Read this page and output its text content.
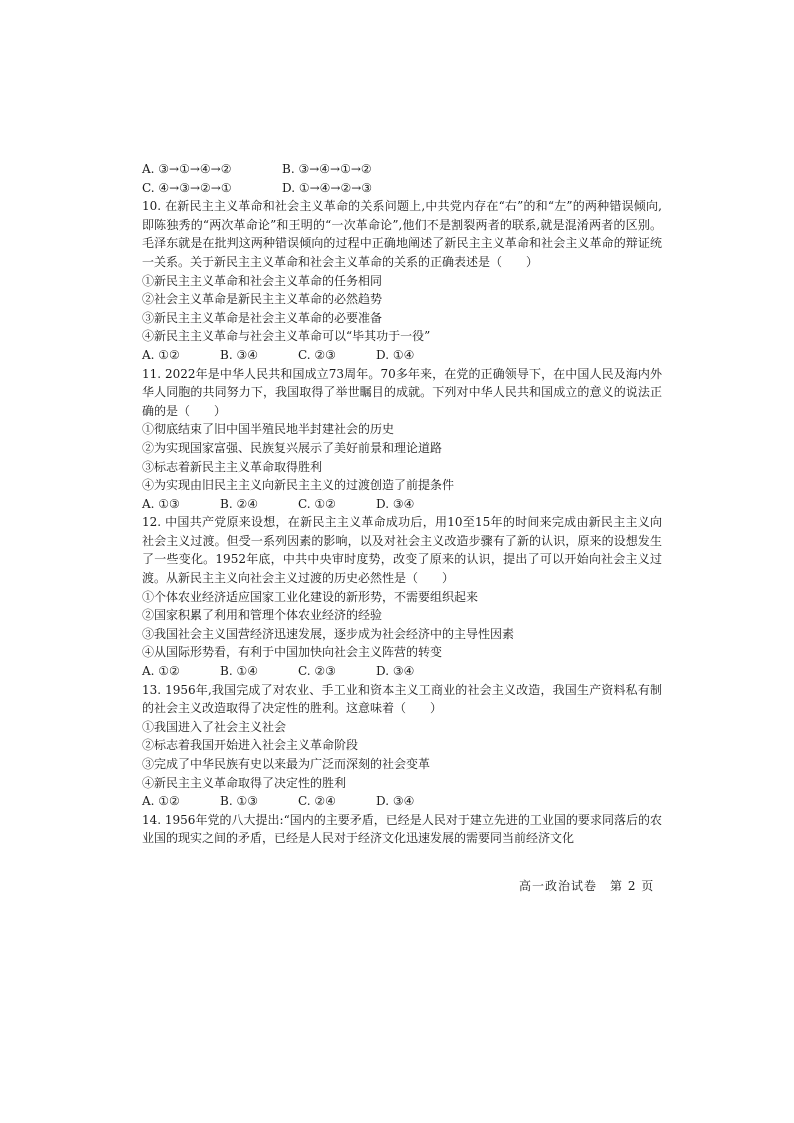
A. ③→①→④→②	B. ③→④→①→②
C. ④→③→②→①	D. ①→④→②→③
10. 在新民主主义革命和社会主义革命的关系问题上,中共党内存在“右”的和“左”的两种错误倾向,即陈独秀的“两次革命论”和王明的“一次革命论”,他们不是割裂两者的联系,就是混淆两者的区别。毛泽东就是在批判这两种错误倾向的过程中正确地阐述了新民主主义革命和社会主义革命的辩证统一关系。关于新民主主义革命和社会主义革命的关系的正确表述是（　　）
①新民主主义革命和社会主义革命的任务相同
②社会主义革命是新民主主义革命的必然趋势
③新民主主义革命是社会主义革命的必要准备
④新民主主义革命与社会主义革命可以“毕其功于一役”
A. ①②	B. ③④	C. ②③	D. ①④
11. 2022年是中华人民共和国成立73周年。70多年来，在党的正确领导下，在中国人民及海内外华人同胞的共同努力下，我国取得了举世瞩目的成就。下列对中华人民共和国成立的意义的说法正确的是（　　）
①彻底结束了旧中国半殖民地半封建社会的历史
②为实现国家富强、民族复兴展示了美好前景和理论道路
③标志着新民主主义革命取得胜利
④为实现由旧民主主义向新民主主义的过渡创造了前提条件
A. ①③	B. ②④	C. ①②	D. ③④
12. 中国共产党原来设想，在新民主主义革命成功后，用10至15年的时间来完成由新民主主义向社会主义过渡。但受一系列因素的影响，以及对社会主义改造步骤有了新的认识，原来的设想发生了一些变化。1952年底，中共中央审时度势，改变了原来的认识，提出了可以开始向社会主义过渡。从新民主主义向社会主义过渡的历史必然性是（　　）
①个体农业经济适应国家工业化建设的新形势，不需要组织起来
②国家积累了利用和管理个体农业经济的经验
③我国社会主义国营经济迅速发展，逐步成为社会经济中的主导性因素
④从国际形势看，有利于中国加快向社会主义阵营的转变
A. ①②	B. ①④	C. ②③	D. ③④
13. 1956年,我国完成了对农业、手工业和资本主义工商业的社会主义改造，我国生产资料私有制的社会主义改造取得了决定性的胜利。这意味着（　　）
①我国进入了社会主义社会
②标志着我国开始进入社会主义革命阶段
③完成了中华民族有史以来最为广泛而深刻的社会变革
④新民主主义革命取得了决定性的胜利
A. ①②	B. ①③	C. ②④	D. ③④
14. 1956年党的八大提出:“国内的主要矛盾，已经是人民对于建立先进的工业国的要求同落后的农业国的现实之间的矛盾，已经是人民对于经济文化迅速发展的需要同当前经济文化
高一政治试卷　第 2 页
